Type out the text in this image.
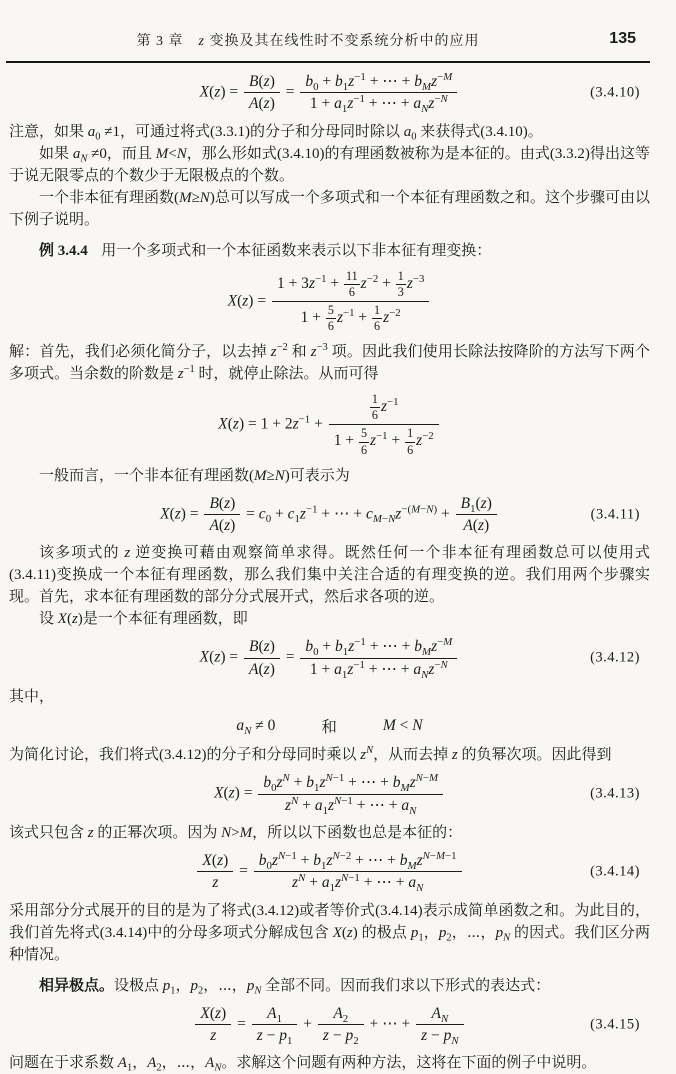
第 3 章　z 变换及其在线性时不变系统分析中的应用	135
$X(z) = \frac{B(z)}{A(z)} = \frac{b_0 + b_1z^{-1} + \cdots + b_Mz^{-M}}{1 + a_1z^{-1} + \cdots + a_Nz^{-N}}$	(3.4.10)

注意，如果 $a_0 \ne 1$，可通过将式(3.3.1)的分子和分母同时除以 $a_0$ 来获得式(3.4.10)。

如果 $a_N \ne 0$，而且 M<N，那么形如式(3.4.10)的有理函数被称为是本征的。由式(3.3.2)得出这等于说无限零点的个数少于无限极点的个数。

一个非本征有理函数(M≥N)总可以写成一个多项式和一个本征有理函数之和。这个步骤可由以下例子说明。

例 3.4.4 用一个多项式和一个本征函数来表示以下非本征有理变换：

$X(z) = \frac{1 + 3z^{-1} + \frac{11}{6} z^{-2} + \frac{1}{3} z^{-3}}{1 + \frac{5}{6} z^{-1} + \frac{1}{6} z^{-2}}$

解：首先，我们必须化简分子，以去掉 $z^{-2}$ 和 $z^{-3}$ 项。因此我们使用长除法按降阶的方法写下两个多项式。当余数的阶数是 $z^{-1}$ 时，就停止除法。从而可得

$X(z) = 1 + 2z^{-1} + \frac{\frac{1}{6} z^{-1}}{1 + \frac{5}{6} z^{-1} + \frac{1}{6} z^{-2}}$

一般而言，一个非本征有理函数(M≥N)可表示为

$X(z) = \frac{B(z)}{A(z)} = c_0 + c_1z^{-1}$ + ⋯ + $c_{M-N}z^{-(M-N)} + \frac{B_1(z)}{A(z)}$	(3.4.11)

该多项式的 z 逆变换可藉由观察简单求得。既然任何一个非本征有理函数总可以使用式(3.4.11)变换成一个本征有理函数，那么我们集中关注合适的有理变换的逆。我们用两个步骤实现。首先，求本征有理函数的部分分式展开式，然后求各项的逆。

设 X(z)是一个本征有理函数，即

$X(z) = \frac{B(z)}{A(z)} = \frac{b_0 + b_1z^{-1} + \cdots + b_Mz^{-M}}{1 + a_1z^{-1} + \cdots + a_Nz^{-N}}$	(3.4.12)

其中，

$a_N \ne 0$	和	M < N

为简化讨论，我们将式(3.4.12)的分子和分母同时乘以 $z^N$，从而去掉 z 的负幂次项。因此得到

$X(z) = \frac{b_0z^N + b_1z^{N-1} + \cdots + b_Mz^{N-M}}{z^N + a_1z^{N-1} + \cdots + a_N}$	(3.4.13)

该式只包含 z 的正幂次项。因为 N>M，所以以下函数也总是本征的：

$\frac{X(z)}{z} = \frac{b_0z^{N-1} + b_1z^{N-2} + \cdots + b_Mz^{N-M-1}}{z^N + a_1z^{N-1} + \cdots + a_N}$	(3.4.14)

采用部分分式展开的目的是为了将式(3.4.12)或者等价式(3.4.14)表示成简单函数之和。为此目的，我们首先将式(3.4.14)中的分母多项式分解成包含 X(z) 的极点 $p_1$，$p_2$，⋯，$p_N$ 的因式。我们区分两种情况。

相异极点。设极点 $p_1$，$p_2$，⋯，$p_N$ 全部不同。因而我们求以下形式的表达式：

$\frac{X(z)}{z} = \frac{A_1}{z - p_1} + \frac{A_2}{z - p_2}$ + ⋯ + $\frac{A_N}{z - p_N}$	(3.4.15)

问题在于求系数 $A_1$，$A_2$，⋯，$A_N$。求解这个问题有两种方法，这将在下面的例子中说明。
